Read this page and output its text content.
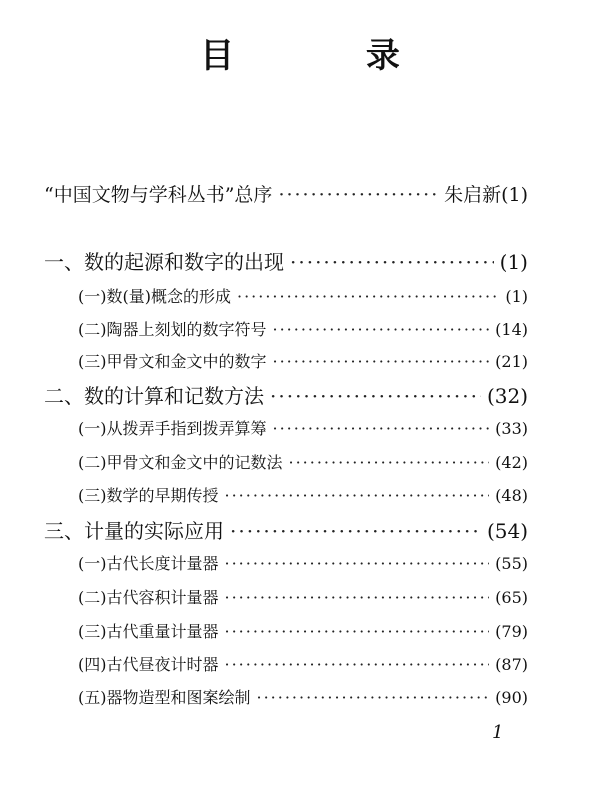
目 录
“中国文物与学科丛书”总序 ·····	朱启新(1)
一、数的起源和数字的出现 ·····	(1)
(一)数(量)概念的形成 ·····	(1)
(二)陶器上刻划的数字符号 ·····	(14)
(三)甲骨文和金文中的数字 ·····	(21)
二、数的计算和记数方法 ·····	(32)
(一)从拨弄手指到拨弄算筹 ·····	(33)
(二)甲骨文和金文中的记数法 ·····	(42)
(三)数学的早期传授 ·····	(48)
三、计量的实际应用 ·····	(54)
(一)古代长度计量器 ·····	(55)
(二)古代容积计量器 ·····	(65)
(三)古代重量计量器 ·····	(79)
(四)古代昼夜计时器 ·····	(87)
(五)器物造型和图案绘制 ·····	(90)
1
